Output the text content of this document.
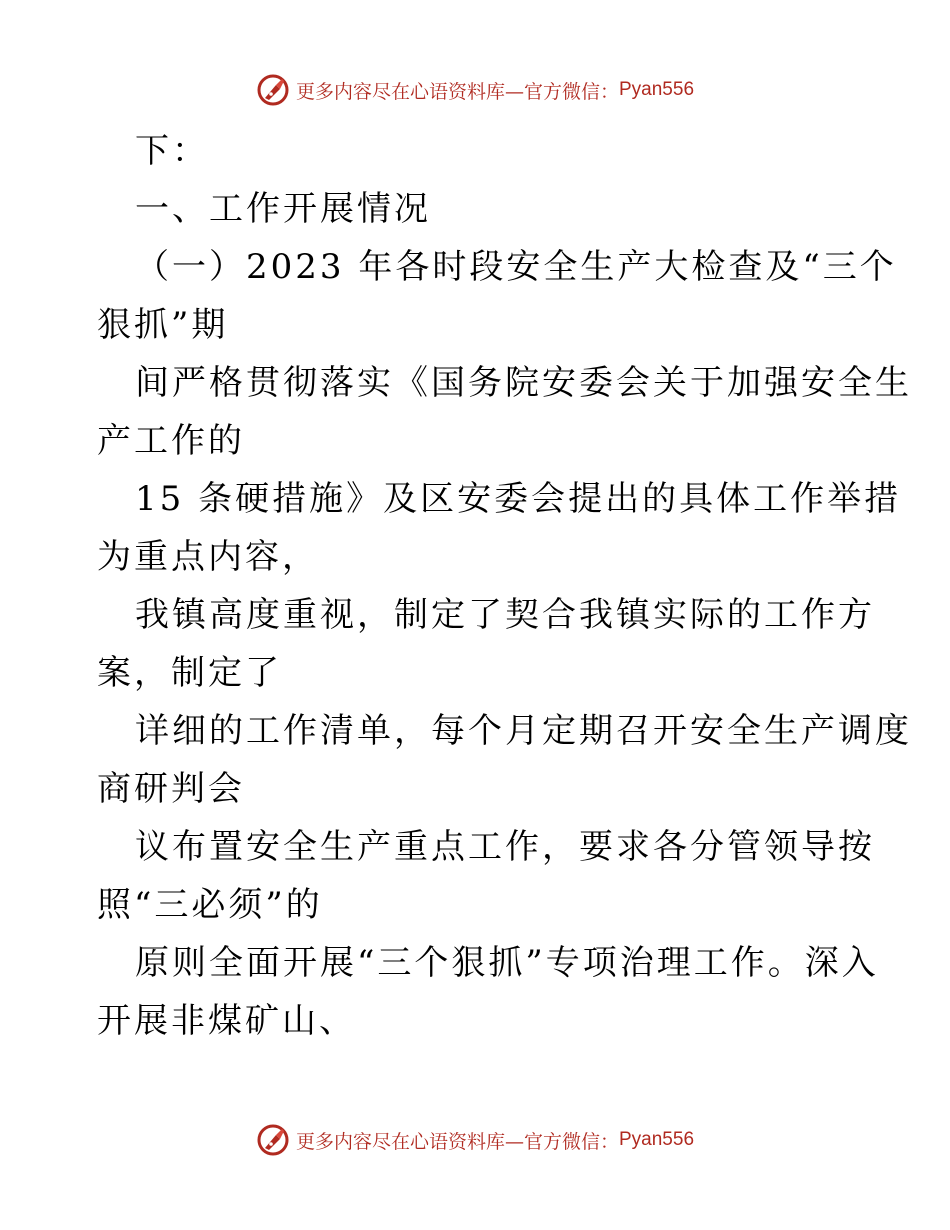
更多内容尽在心语资料库—官方微信： Pyan556
下：
一、工作开展情况
（一）2023 年各时段安全生产大检查及“三个
狠抓”期
间严格贯彻落实《国务院安委会关于加强安全生
产工作的
15 条硬措施》及区安委会提出的具体工作举措
为重点内容，
我镇高度重视，制定了契合我镇实际的工作方
案，制定了
详细的工作清单，每个月定期召开安全生产调度
商研判会
议布置安全生产重点工作，要求各分管领导按
照“三必须”的
原则全面开展“三个狠抓”专项治理工作。深入
开展非煤矿山、
更多内容尽在心语资料库—官方微信： Pyan556
